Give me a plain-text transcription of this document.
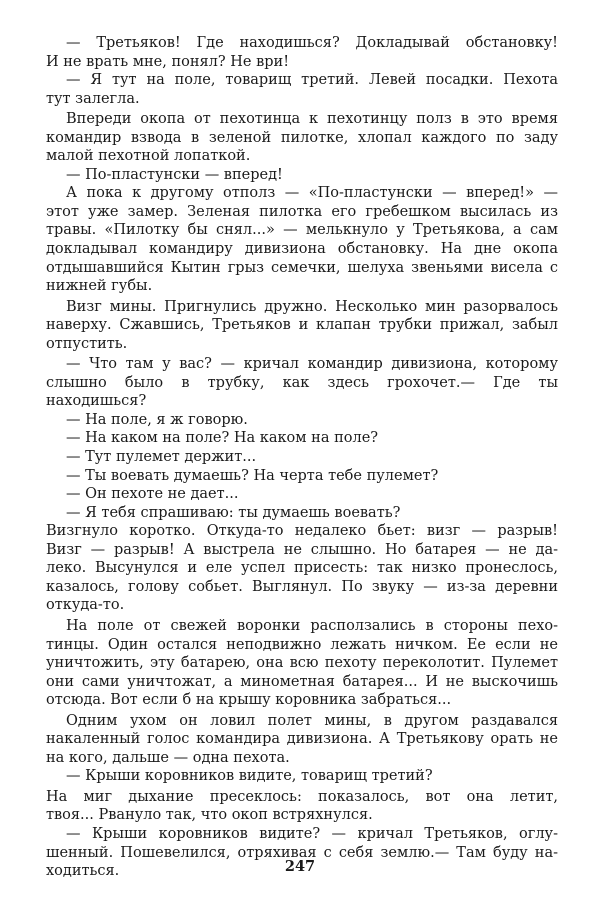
— Третьяков! Где находишься? Докладывай обстановку!
И не врать мне, понял? Не ври!
— Я тут на поле, товарищ третий. Левей посадки. Пехота
тут залегла.
Впереди окопа от пехотинца к пехотинцу полз в это время
командир взвода в зеленой пилотке, хлопал каждого по заду
малой пехотной лопаткой.
— По-пластунски — вперед!
А пока к другому отполз — «По-пластунски — вперед!» —
этот уже замер. Зеленая пилотка его гребешком высилась из
травы. «Пилотку бы снял...» — мелькнуло у Третьякова, а сам
докладывал командиру дивизиона обстановку. На дне окопа
отдышавшийся Кытин грыз семечки, шелуха звеньями висела с
нижней губы.
Визг мины. Пригнулись дружно. Несколько мин разорвалось
наверху. Сжавшись, Третьяков и клапан трубки прижал, забыл
отпустить.
— Что там у вас? — кричал командир дивизиона, которому
слышно было в трубку, как здесь грохочет.— Где ты
находишься?
— На поле, я ж говорю.
— На каком на поле? На каком на поле?
— Тут пулемет держит...
— Ты воевать думаешь? На черта тебе пулемет?
— Он пехоте не дает...
— Я тебя спрашиваю: ты думаешь воевать?
Визгнуло коротко. Откуда-то недалеко бьет: визг — разрыв!
Визг — разрыв! А выстрела не слышно. Но батарея — не да-
леко. Высунулся и еле успел присесть: так низко пронеслось,
казалось, голову собьет. Выглянул. По звуку — из-за деревни
откуда-то.
На поле от свежей воронки расползались в стороны пехо-
тинцы. Один остался неподвижно лежать ничком. Ее если не
уничтожить, эту батарею, она всю пехоту переколотит. Пулемет
они сами уничтожат, а минометная батарея... И не выскочишь
отсюда. Вот если б на крышу коровника забраться...
Одним ухом он ловил полет мины, в другом раздавался
накаленный голос командира дивизиона. А Третьякову орать не
на кого, дальше — одна пехота.
— Крыши коровников видите, товарищ третий?
На миг дыхание пресеклось: показалось, вот она летит,
твоя... Рвануло так, что окоп встряхнулся.
— Крыши коровников видите? — кричал Третьяков, оглу-
шенный. Пошевелился, отряхивая с себя землю.— Там буду на-
ходиться.	247
